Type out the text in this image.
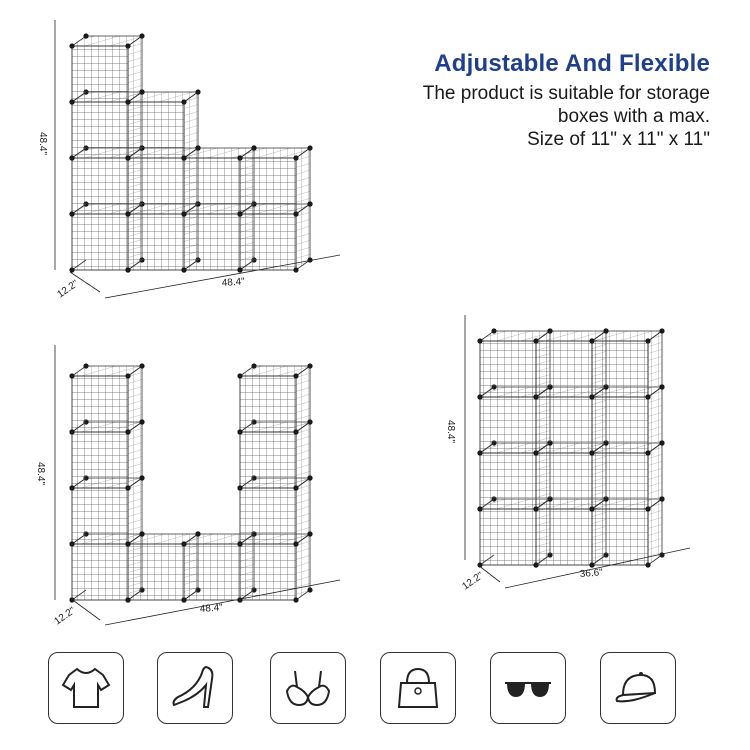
Adjustable And Flexible

The product is suitable for storage
boxes with a max.
Size of 11" x 11" x 11"

48.4"
12.2"	48.4"
48.4"
12.2"	48.4"
48.4"
12.2"	36.6"
